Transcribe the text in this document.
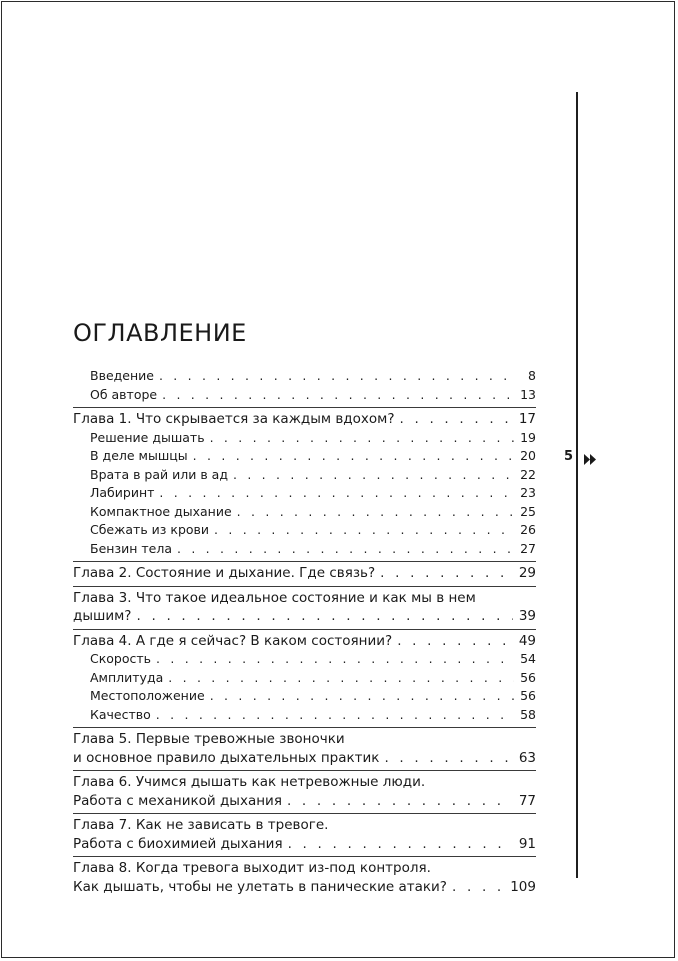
ОГЛАВЛЕНИЕ
Введение . . .	8
Об авторе . . .	13
Глава 1. Что скрывается за каждым вдохом? . . .	17
Решение дышать . . .	19
В деле мышцы . . .	20
Врата в рай или в ад . . .	22
Лабиринт . . .	23
Компактное дыхание . . .	25
Сбежать из крови . . .	26
Бензин тела . . .	27
Глава 2. Состояние и дыхание. Где связь? . . .	29
Глава 3. Что такое идеальное состояние и как мы в нем
дышим? . . .	39
Глава 4. А где я сейчас? В каком состоянии? . . .	49
Скорость . . .	54
Амплитуда . . .	56
Местоположение . . .	56
Качество . . .	58
Глава 5. Первые тревожные звоночки
и основное правило дыхательных практик . . .	63
Глава 6. Учимся дышать как нетревожные люди.
Работа с механикой дыхания . . .	77
Глава 7. Как не зависать в тревоге.
Работа с биохимией дыхания . . .	91
Глава 8. Когда тревога выходит из-под контроля.
Как дышать, чтобы не улетать в панические атаки? . . .	109
5
